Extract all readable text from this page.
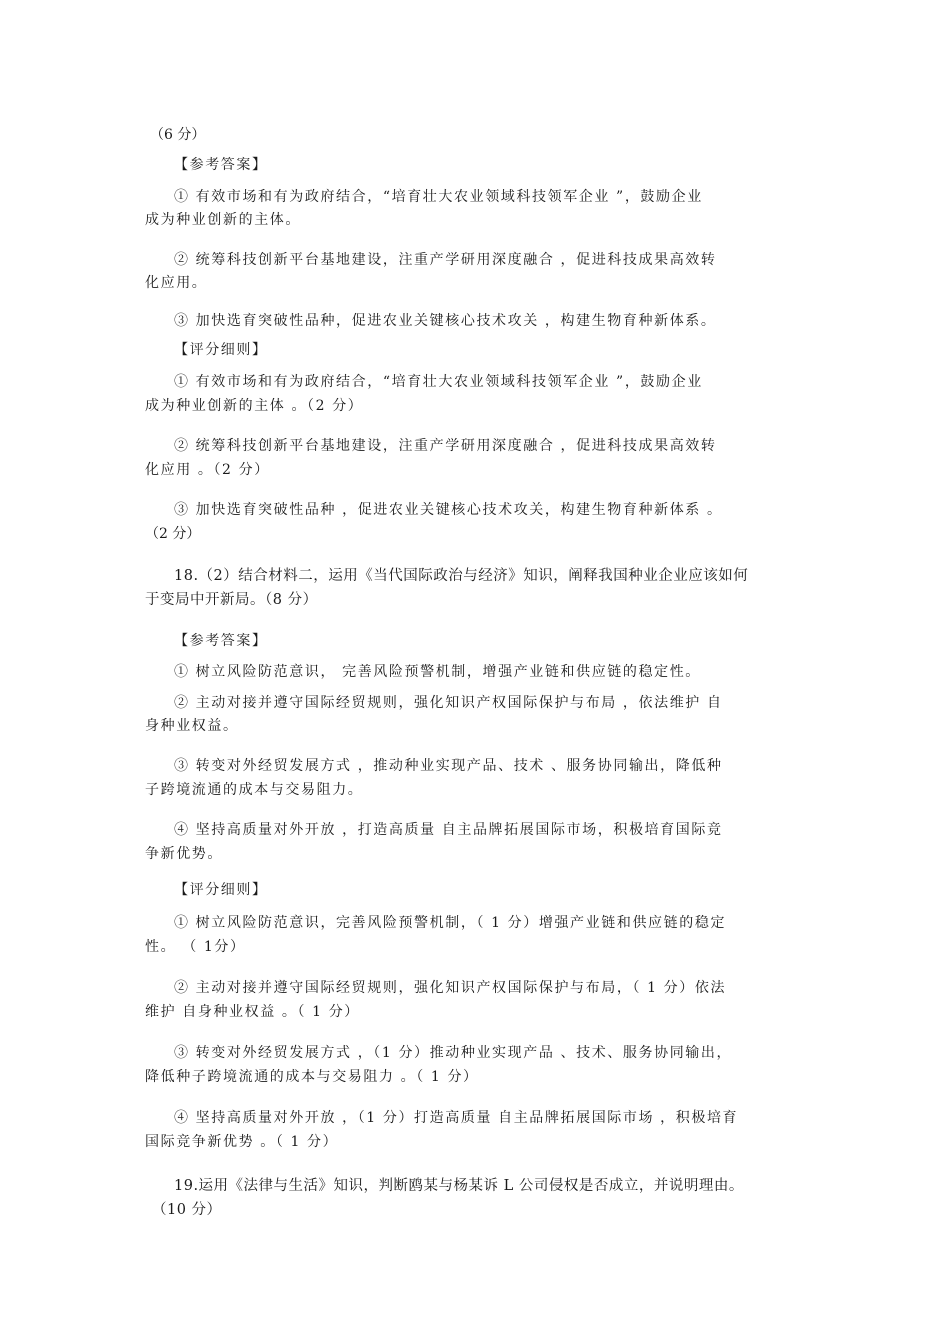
（6 分）
【参考答案】
① 有效市场和有为政府结合，“培育壮大农业领域科技领军企业 ”，鼓励企业
成为种业创新的主体。
② 统筹科技创新平台基地建设，注重产学研用深度融合 ，促进科技成果高效转
化应用。
③ 加快选育突破性品种，促进农业关键核心技术攻关 ，构建生物育种新体系。
【评分细则】
① 有效市场和有为政府结合，“培育壮大农业领域科技领军企业 ”，鼓励企业
成为种业创新的主体 。（2 分）
② 统筹科技创新平台基地建设，注重产学研用深度融合 ，促进科技成果高效转
化应用 。（2 分）
③ 加快选育突破性品种 ，促进农业关键核心技术攻关，构建生物育种新体系 。
（2 分）
18.（2）结合材料二，运用《当代国际政治与经济》知识，阐释我国种业企业应该如何
于变局中开新局。（8 分）
【参考答案】
① 树立风险防范意识， 完善风险预警机制，增强产业链和供应链的稳定性。
② 主动对接并遵守国际经贸规则，强化知识产权国际保护与布局 ，依法维护 自
身种业权益。
③ 转变对外经贸发展方式 ，推动种业实现产品、技术 、服务协同输出，降低种
子跨境流通的成本与交易阻力。
④ 坚持高质量对外开放 ，打造高质量 自主品牌拓展国际市场，积极培育国际竞
争新优势。
【评分细则】
① 树立风险防范意识，完善风险预警机制，（ 1 分）增强产业链和供应链的稳定
性。 （ 1分）
② 主动对接并遵守国际经贸规则，强化知识产权国际保护与布局，（ 1 分）依法
维护 自身种业权益 。（ 1 分）
③ 转变对外经贸发展方式 ，（1 分）推动种业实现产品 、技术、服务协同输出，
降低种子跨境流通的成本与交易阻力 。（ 1 分）
④ 坚持高质量对外开放 ，（1 分）打造高质量 自主品牌拓展国际市场 ，积极培育
国际竞争新优势 。（ 1 分）
19.运用《法律与生活》知识，判断鸥某与杨某诉 L 公司侵权是否成立，并说明理由。
（10 分）
